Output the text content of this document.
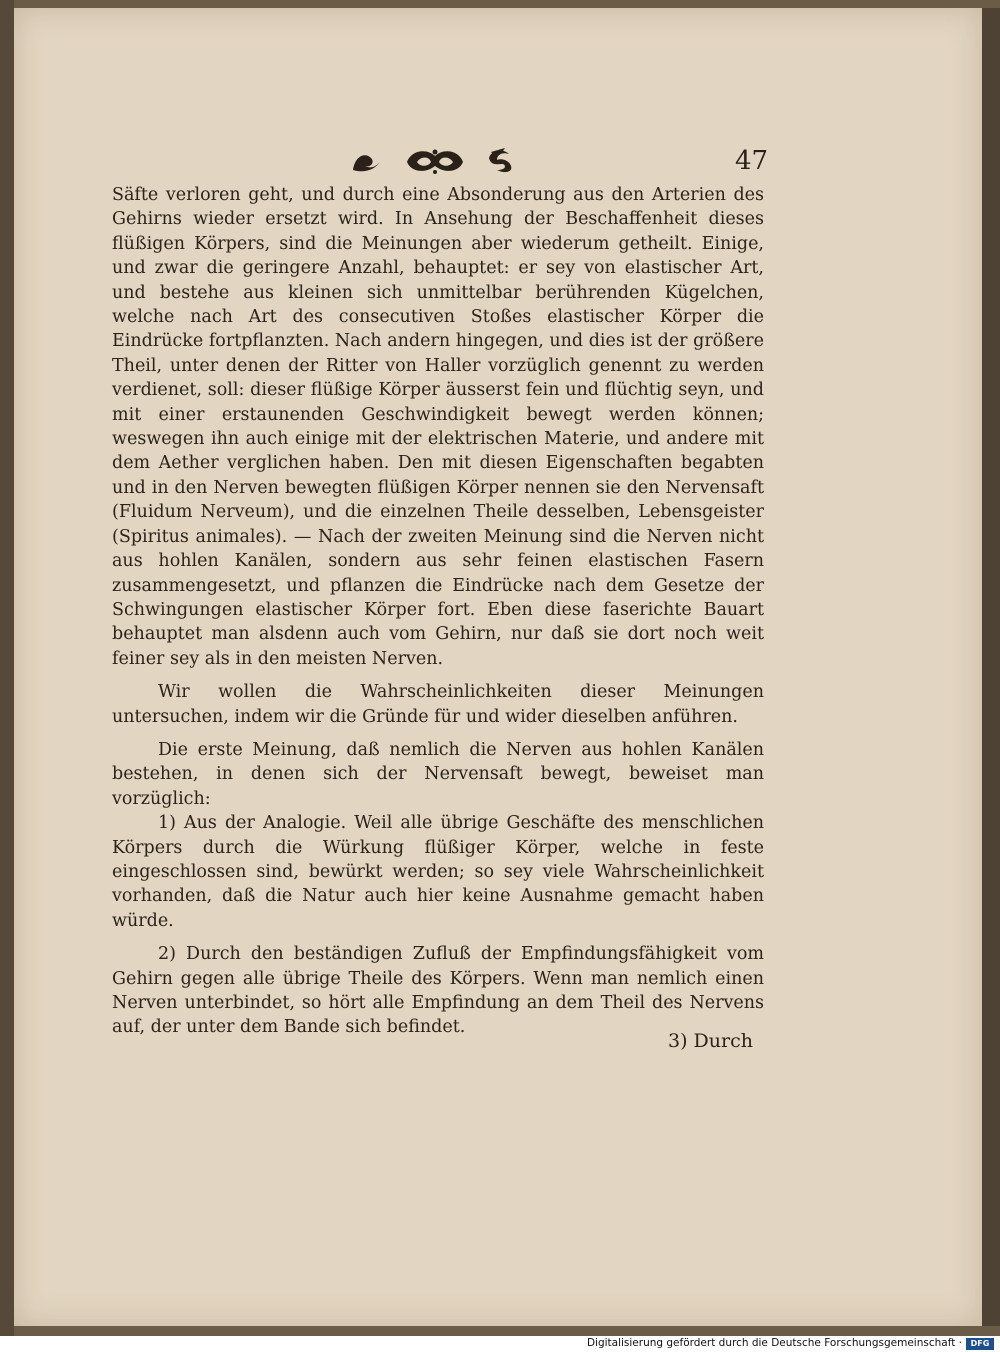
47

Säfte verloren geht, und durch eine Absonderung aus den Arterien des Gehirns wieder ersetzt wird. In Ansehung der Beschaffenheit dieses flüßigen Körpers, sind die Meinungen aber wiederum getheilt. Einige, und zwar die geringere Anzahl, behauptet: er sey von elastischer Art, und bestehe aus kleinen sich unmittelbar berührenden Kügelchen, welche nach Art des consecutiven Stoßes elastischer Körper die Eindrücke fortpflanzten. Nach andern hingegen, und dies ist der größere Theil, unter denen der Ritter von Haller vorzüglich genennt zu werden verdienet, soll: dieser flüßige Körper äusserst fein und flüchtig seyn, und mit einer erstaunenden Geschwindigkeit bewegt werden können; weswegen ihn auch einige mit der elektrischen Materie, und andere mit dem Aether verglichen haben. Den mit diesen Eigenschaften begabten und in den Nerven bewegten flüßigen Körper nennen sie den Nervensaft (Fluidum Nerveum), und die einzelnen Theile desselben, Lebensgeister (Spiritus animales). — Nach der zweiten Meinung sind die Nerven nicht aus hohlen Kanälen, sondern aus sehr feinen elastischen Fasern zusammengesetzt, und pflanzen die Eindrücke nach dem Gesetze der Schwingungen elastischer Körper fort. Eben diese faserichte Bauart behauptet man alsdenn auch vom Gehirn, nur daß sie dort noch weit feiner sey als in den meisten Nerven.

Wir wollen die Wahrscheinlichkeiten dieser Meinungen untersuchen, indem wir die Gründe für und wider dieselben anführen.

Die erste Meinung, daß nemlich die Nerven aus hohlen Kanälen bestehen, in denen sich der Nervensaft bewegt, beweiset man vorzüglich:

1) Aus der Analogie. Weil alle übrige Geschäfte des menschlichen Körpers durch die Würkung flüßiger Körper, welche in feste eingeschlossen sind, bewürkt werden; so sey viele Wahrscheinlichkeit vorhanden, daß die Natur auch hier keine Ausnahme gemacht haben würde.

2) Durch den beständigen Zufluß der Empfindungsfähigkeit vom Gehirn gegen alle übrige Theile des Körpers. Wenn man nemlich einen Nerven unterbindet, so hört alle Empfindung an dem Theil des Nervens auf, der unter dem Bande sich befindet.

3) Durch
Digitalisierung gefördert durch die Deutsche Forschungsgemeinschaft ·	DFG
